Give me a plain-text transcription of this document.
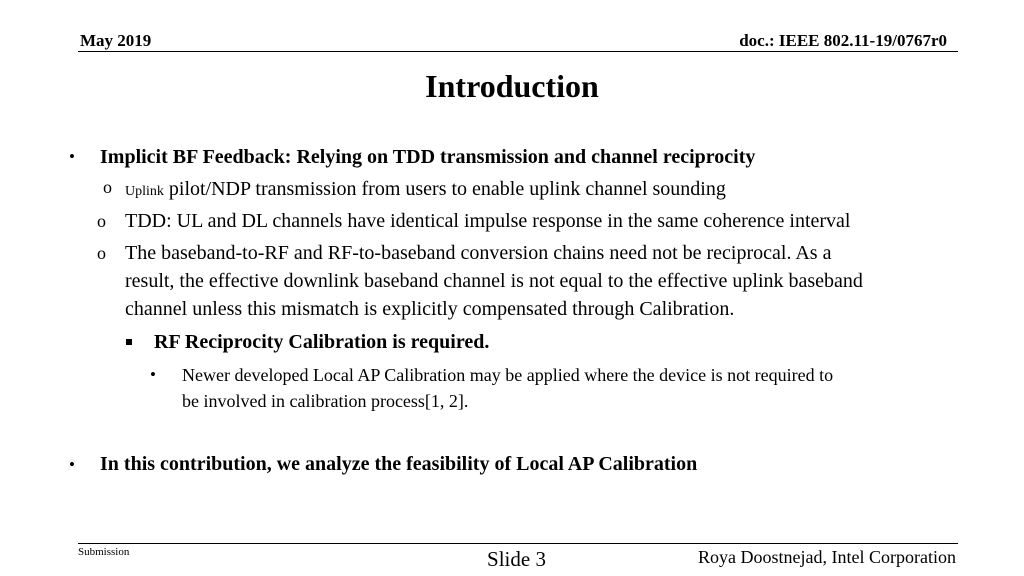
May 2019	doc.: IEEE 802.11-19/0767r0
Introduction
• Implicit BF Feedback: Relying on TDD transmission and channel reciprocity
o Uplink pilot/NDP transmission from users to enable uplink channel sounding
o TDD: UL and DL channels have identical impulse response in the same coherence interval
o The baseband-to-RF and RF-to-baseband conversion chains need not be reciprocal. As a
result, the effective downlink baseband channel is not equal to the effective uplink baseband
channel unless this mismatch is explicitly compensated through Calibration.
RF Reciprocity Calibration is required.
• Newer developed Local AP Calibration may be applied where the device is not required to
be involved in calibration process[1, 2].
• In this contribution, we analyze the feasibility of Local AP Calibration
Submission	Slide 3	Roya Doostnejad, Intel Corporation
